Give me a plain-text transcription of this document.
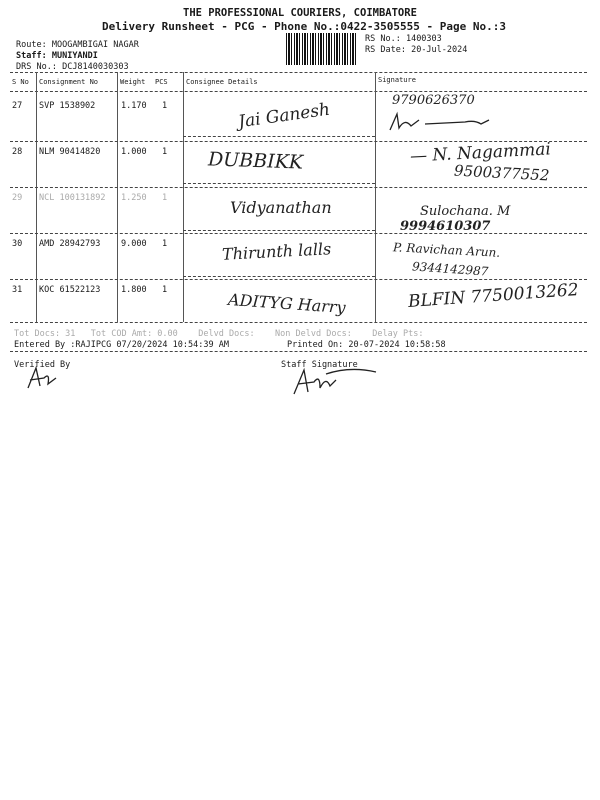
THE PROFESSIONAL COURIERS, COIMBATORE
Delivery Runsheet - PCG - Phone No.:0422-3505555 - Page No.:3
Route: MOOGAMBIGAI NAGAR
Staff: MUNIYANDI
DRS No.: DCJ8140030303
RS No.: 1400303
RS Date: 20-Jul-2024
S No Consignment No	Weight PCS	Consignee Details	Signature
27 SVP 1538902	1.170 1	Jai Ganesh	9790626370
28 NLM 90414820 1.000 1 DUBBIKK	— N. Nagammai
9500377552
29 NCL 100131892 1.250 1	Vidyanathan	Sulochana. M
9994610307
30 AMD 28942793 9.000 1	Thirunth lalls	P. Ravichan Arun.
9344142987
31 KOC 61522123 1.800 1	ADITYG Harry	BLFIN 7750013262
Tot Docs: 31 Tot COD Amt: 0.00 Delvd Docs: Non Delvd Docs: Delay Pts:
Entered By :RAJIPCG 07/20/2024 10:54:39 AM	Printed On: 20-07-2024 10:58:58
Verified By	Staff Signature
